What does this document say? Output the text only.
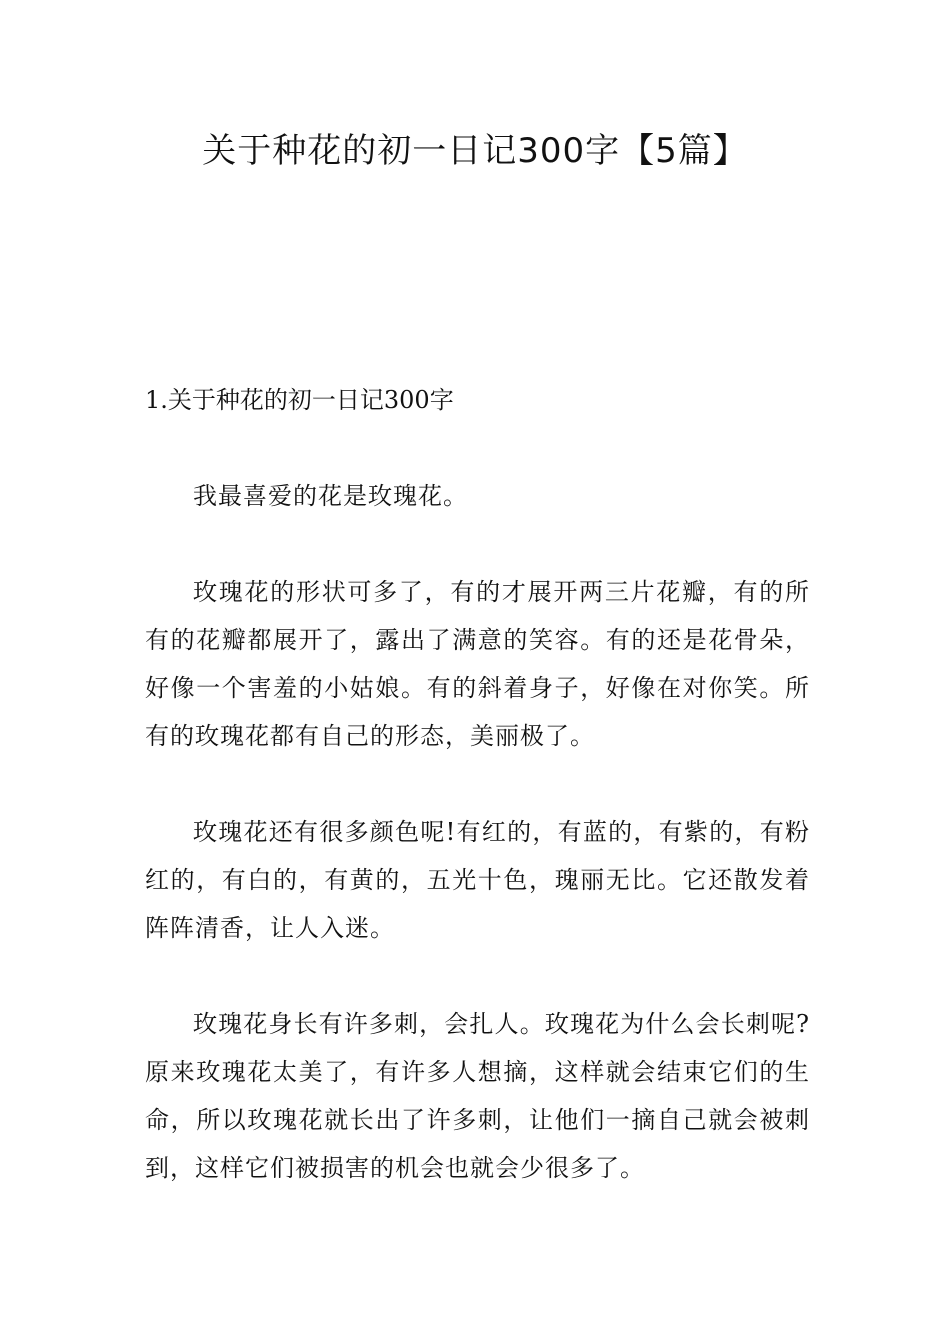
关于种花的初一日记300字【5篇】
1.关于种花的初一日记300字

我最喜爱的花是玫瑰花。

玫瑰花的形状可多了，有的才展开两三片花瓣，有的所有的花瓣都展开了，露出了满意的笑容。有的还是花骨朵，好像一个害羞的小姑娘。有的斜着身子，好像在对你笑。所有的玫瑰花都有自己的形态，美丽极了。

玫瑰花还有很多颜色呢!有红的，有蓝的，有紫的，有粉红的，有白的，有黄的，五光十色，瑰丽无比。它还散发着阵阵清香，让人入迷。

玫瑰花身长有许多刺，会扎人。玫瑰花为什么会长刺呢?原来玫瑰花太美了，有许多人想摘，这样就会结束它们的生命，所以玫瑰花就长出了许多刺，让他们一摘自己就会被刺到，这样它们被损害的机会也就会少很多了。
